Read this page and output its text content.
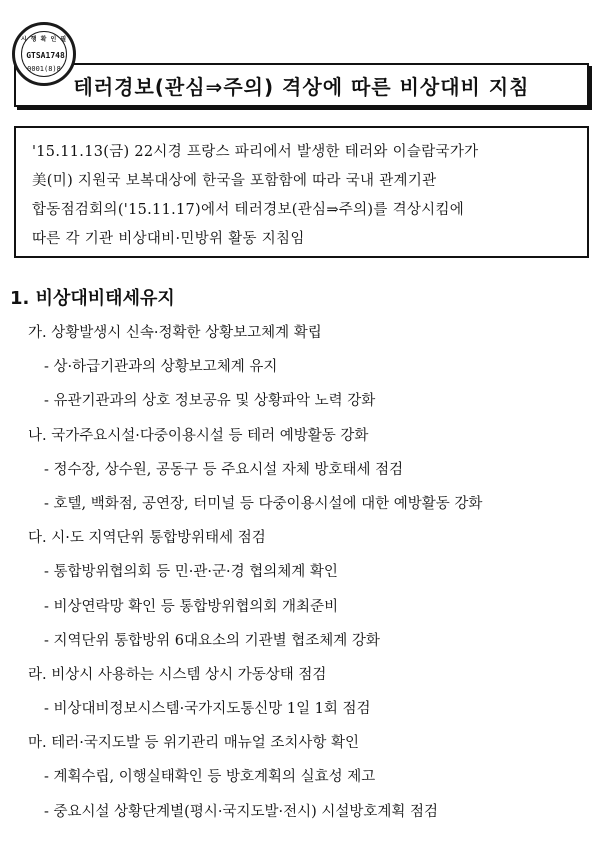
시 행 확 인 필
GTSA1748
0001(8)8
테러경보(관심⇒주의) 격상에 따른 비상대비 지침
'15.11.13(금) 22시경 프랑스 파리에서 발생한 테러와 이슬람국가가
美(미) 지원국 보복대상에 한국을 포함함에 따라 국내 관계기관
합동점검회의('15.11.17)에서 테러경보(관심⇒주의)를 격상시킴에
따른 각 기관 비상대비·민방위 활동 지침임
1. 비상대비태세유지
가. 상황발생시 신속·정확한 상황보고체계 확립
- 상·하급기관과의 상황보고체계 유지
- 유관기관과의 상호 정보공유 및 상황파악 노력 강화
나. 국가주요시설·다중이용시설 등 테러 예방활동 강화
- 정수장, 상수원, 공동구 등 주요시설 자체 방호태세 점검
- 호텔, 백화점, 공연장, 터미널 등 다중이용시설에 대한 예방활동 강화
다. 시·도 지역단위 통합방위태세 점검
- 통합방위협의회 등 민·관·군·경 협의체계 확인
- 비상연락망 확인 등 통합방위협의회 개최준비
- 지역단위 통합방위 6대요소의 기관별 협조체계 강화
라. 비상시 사용하는 시스템 상시 가동상태 점검
- 비상대비정보시스템·국가지도통신망 1일 1회 점검
마. 테러·국지도발 등 위기관리 매뉴얼 조치사항 확인
- 계획수립, 이행실태확인 등 방호계획의 실효성 제고
- 중요시설 상황단계별(평시·국지도발·전시) 시설방호계획 점검
